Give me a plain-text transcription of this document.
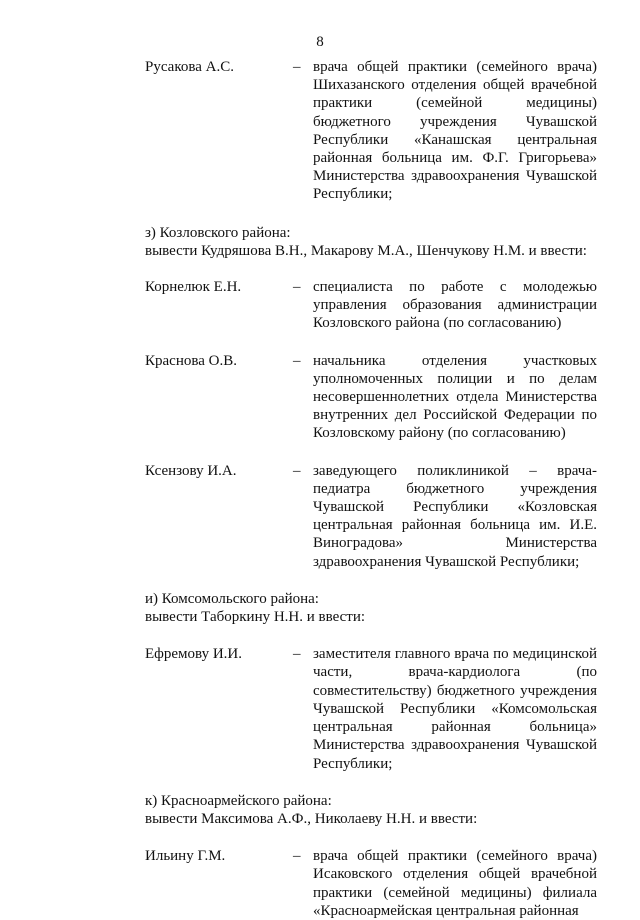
8
Русакова А.С.	– врача общей практики (семейного врача) Шихазанского отделения общей врачебной практики (семейной медицины) бюджетного учреждения Чувашской Республики «Канашская центральная районная больница им. Ф.Г. Григорьева» Министерства здравоохранения Чувашской Республики;
з) Козловского района:
вывести Кудряшова В.Н., Макарову М.А., Шенчукову Н.М. и ввести:
Корнелюк Е.Н.	– специалиста по работе с молодежью управления образования администрации Козловского района (по согласованию)
Краснова О.В.	– начальника отделения участковых уполномоченных полиции и по делам несовершеннолетних отдела Министерства внутренних дел Российской Федерации по Козловскому району (по согласованию)
Ксензову И.А.	– заведующего поликлиникой – врача-педиатра бюджетного учреждения Чувашской Республики «Козловская центральная районная больница им. И.Е. Виноградова» Министерства здравоохранения Чувашской Республики;
и) Комсомольского района:
вывести Таборкину Н.Н. и ввести:
Ефремову И.И.	– заместителя главного врача по медицинской части, врача-кардиолога (по совместительству) бюджетного учреждения Чувашской Республики «Комсомольская центральная районная больница» Министерства здравоохранения Чувашской Республики;
к) Красноармейского района:
вывести Максимова А.Ф., Николаеву Н.Н. и ввести:
Ильину Г.М.	– врача общей практики (семейного врача) Исаковского отделения общей врачебной практики (семейной медицины) филиала «Красноармейская центральная районная
